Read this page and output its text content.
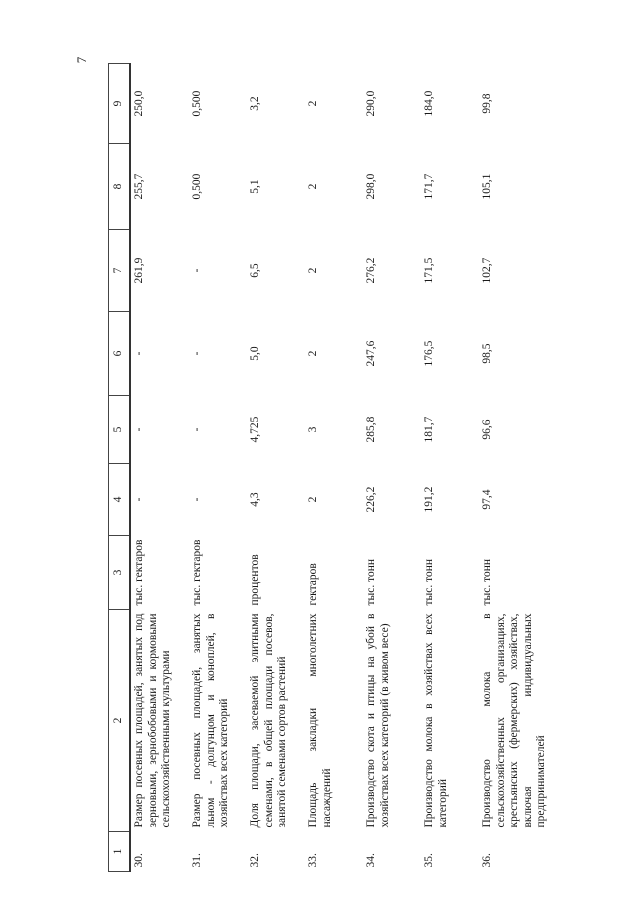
7
1	2	3	4	5	6	7	8	9
30.	Размер посевных площадей, занятых под зерновыми, зернобобовыми и кормовыми сельскохозяйственными культурами	тыс. гектаров	-	-	-	261,9	255,7	250,0
31.	Размер посевных площадей, занятых льном - долгунцом и коноплей, в хозяйствах всех категорий	тыс. гектаров	-	-	-	-	0,500	0,500
32.	Доля площади, засеваемой элитными семенами, в общей площади посевов, занятой семенами сортов растений	процентов	4,3	4,725	5,0	6,5	5,1	3,2
33.	Площадь закладки многолетних насаждений	гектаров	2	3	2	2	2	2
34.	Производство скота и птицы на убой в хозяйствах всех категорий (в живом весе)	тыс. тонн	226,2	285,8	247,6	276,2	298,0	290,0
35.	Производство молока в хозяйствах всех категорий	тыс. тонн	191,2	181,7	176,5	171,5	171,7	184,0
36.	Производство молока в сельскохозяйственных организациях, крестьянских (фермерских) хозяйствах, включая индивидуальных предпринимателей	тыс. тонн	97,4	96,6	98,5	102,7	105,1	99,8
